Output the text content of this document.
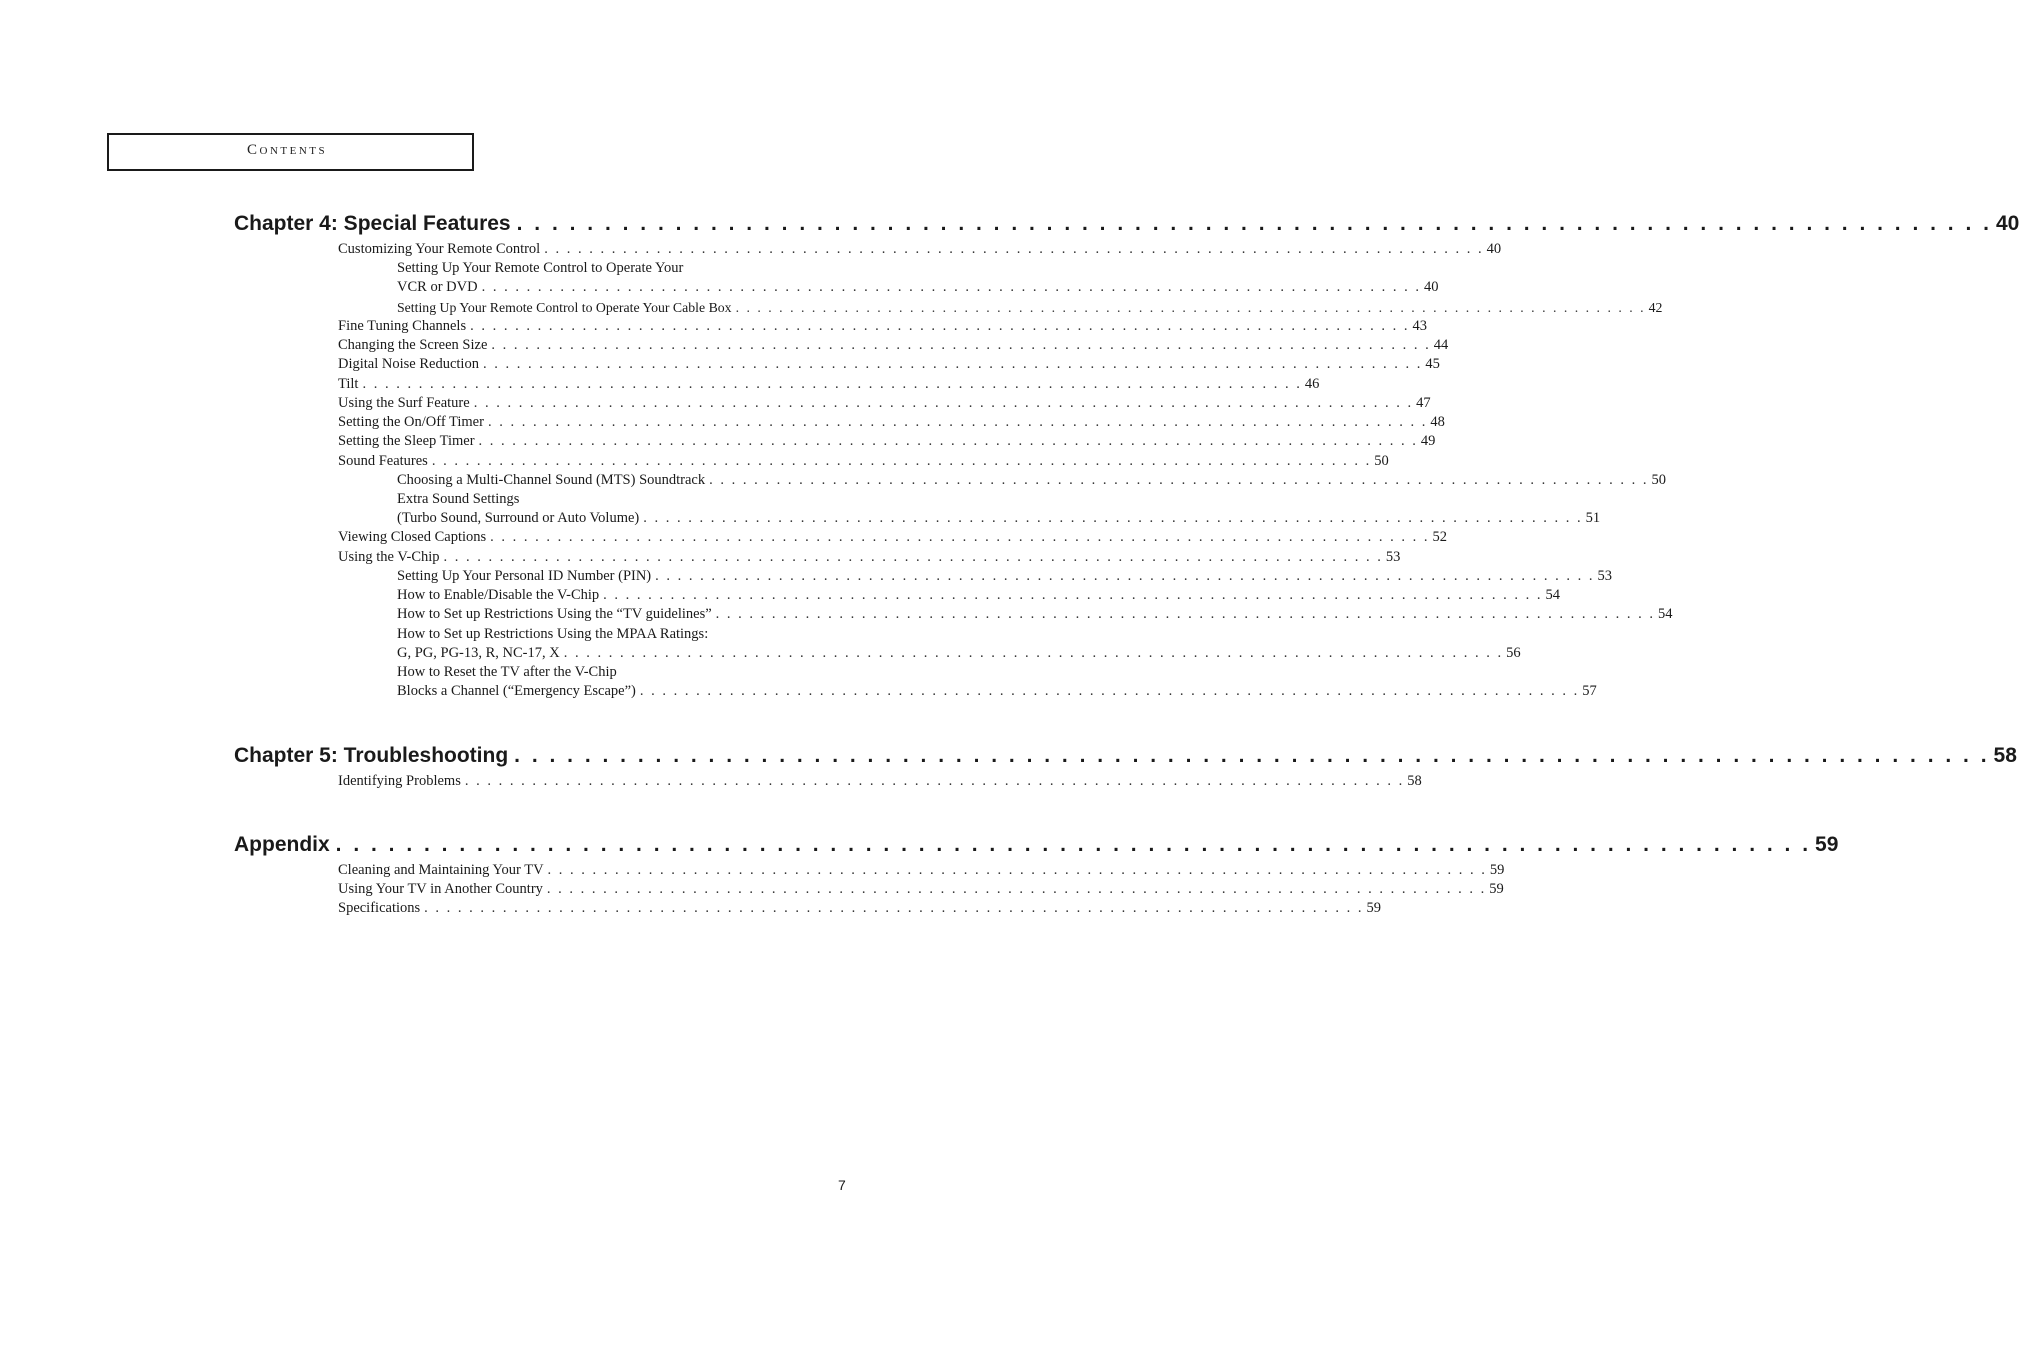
Contents
Chapter 4: Special Features . . . . . . . . . . . . . . . . . . . . . . . . . . . . . . . . . . . . . . . . . . . . . . . . . . . . . . . . . . . . . . . . . . . . . . . . . . . . . . . . . . . . 40
Customizing Your Remote Control . . . . . . . . . . . . . . . . . . . . . . . . . . . . . . . . . . . . . . . . . . . . . . . . . . . . . . . . . . . . . . . . . . . . . . . . . . . . . . . . . . . . 40
Setting Up Your Remote Control to Operate Your
VCR or DVD . . . . . . . . . . . . . . . . . . . . . . . . . . . . . . . . . . . . . . . . . . . . . . . . . . . . . . . . . . . . . . . . . . . . . . . . . . . . . . . . . . . . 40
Setting Up Your Remote Control to Operate Your Cable Box . . . . . . . . . . . . . . . . . . . . . . . . . . . . . . . . . . . . . . . . . . . . . . . . . . . . . . . . . . . . . . . . . . . . . . . . . . . . . . . . . . . . 42
Fine Tuning Channels . . . . . . . . . . . . . . . . . . . . . . . . . . . . . . . . . . . . . . . . . . . . . . . . . . . . . . . . . . . . . . . . . . . . . . . . . . . . . . . . . . . . 43
Changing the Screen Size . . . . . . . . . . . . . . . . . . . . . . . . . . . . . . . . . . . . . . . . . . . . . . . . . . . . . . . . . . . . . . . . . . . . . . . . . . . . . . . . . . . . 44
Digital Noise Reduction . . . . . . . . . . . . . . . . . . . . . . . . . . . . . . . . . . . . . . . . . . . . . . . . . . . . . . . . . . . . . . . . . . . . . . . . . . . . . . . . . . . . 45
Tilt . . . . . . . . . . . . . . . . . . . . . . . . . . . . . . . . . . . . . . . . . . . . . . . . . . . . . . . . . . . . . . . . . . . . . . . . . . . . . . . . . . . . 46
Using the Surf Feature . . . . . . . . . . . . . . . . . . . . . . . . . . . . . . . . . . . . . . . . . . . . . . . . . . . . . . . . . . . . . . . . . . . . . . . . . . . . . . . . . . . . 47
Setting the On/Off Timer . . . . . . . . . . . . . . . . . . . . . . . . . . . . . . . . . . . . . . . . . . . . . . . . . . . . . . . . . . . . . . . . . . . . . . . . . . . . . . . . . . . . 48
Setting the Sleep Timer . . . . . . . . . . . . . . . . . . . . . . . . . . . . . . . . . . . . . . . . . . . . . . . . . . . . . . . . . . . . . . . . . . . . . . . . . . . . . . . . . . . . 49
Sound Features . . . . . . . . . . . . . . . . . . . . . . . . . . . . . . . . . . . . . . . . . . . . . . . . . . . . . . . . . . . . . . . . . . . . . . . . . . . . . . . . . . . . 50
Choosing a Multi-Channel Sound (MTS) Soundtrack . . . . . . . . . . . . . . . . . . . . . . . . . . . . . . . . . . . . . . . . . . . . . . . . . . . . . . . . . . . . . . . . . . . . . . . . . . . . . . . . . . . . 50
Extra Sound Settings
(Turbo Sound, Surround or Auto Volume) . . . . . . . . . . . . . . . . . . . . . . . . . . . . . . . . . . . . . . . . . . . . . . . . . . . . . . . . . . . . . . . . . . . . . . . . . . . . . . . . . . . . 51
Viewing Closed Captions . . . . . . . . . . . . . . . . . . . . . . . . . . . . . . . . . . . . . . . . . . . . . . . . . . . . . . . . . . . . . . . . . . . . . . . . . . . . . . . . . . . . 52
Using the V-Chip . . . . . . . . . . . . . . . . . . . . . . . . . . . . . . . . . . . . . . . . . . . . . . . . . . . . . . . . . . . . . . . . . . . . . . . . . . . . . . . . . . . . 53
Setting Up Your Personal ID Number (PIN) . . . . . . . . . . . . . . . . . . . . . . . . . . . . . . . . . . . . . . . . . . . . . . . . . . . . . . . . . . . . . . . . . . . . . . . . . . . . . . . . . . . . 53
How to Enable/Disable the V-Chip . . . . . . . . . . . . . . . . . . . . . . . . . . . . . . . . . . . . . . . . . . . . . . . . . . . . . . . . . . . . . . . . . . . . . . . . . . . . . . . . . . . . 54
How to Set up Restrictions Using the “TV guidelines” . . . . . . . . . . . . . . . . . . . . . . . . . . . . . . . . . . . . . . . . . . . . . . . . . . . . . . . . . . . . . . . . . . . . . . . . . . . . . . . . . . . . 54
How to Set up Restrictions Using the MPAA Ratings:
G, PG, PG-13, R, NC-17, X . . . . . . . . . . . . . . . . . . . . . . . . . . . . . . . . . . . . . . . . . . . . . . . . . . . . . . . . . . . . . . . . . . . . . . . . . . . . . . . . . . . . 56
How to Reset the TV after the V-Chip
Blocks a Channel (“Emergency Escape”) . . . . . . . . . . . . . . . . . . . . . . . . . . . . . . . . . . . . . . . . . . . . . . . . . . . . . . . . . . . . . . . . . . . . . . . . . . . . . . . . . . . . 57
Chapter 5: Troubleshooting . . . . . . . . . . . . . . . . . . . . . . . . . . . . . . . . . . . . . . . . . . . . . . . . . . . . . . . . . . . . . . . . . . . . . . . . . . . . . . . . . . . . 58
Identifying Problems . . . . . . . . . . . . . . . . . . . . . . . . . . . . . . . . . . . . . . . . . . . . . . . . . . . . . . . . . . . . . . . . . . . . . . . . . . . . . . . . . . . . 58
Appendix . . . . . . . . . . . . . . . . . . . . . . . . . . . . . . . . . . . . . . . . . . . . . . . . . . . . . . . . . . . . . . . . . . . . . . . . . . . . . . . . . . . . 59
Cleaning and Maintaining Your TV . . . . . . . . . . . . . . . . . . . . . . . . . . . . . . . . . . . . . . . . . . . . . . . . . . . . . . . . . . . . . . . . . . . . . . . . . . . . . . . . . . . . 59
Using Your TV in Another Country . . . . . . . . . . . . . . . . . . . . . . . . . . . . . . . . . . . . . . . . . . . . . . . . . . . . . . . . . . . . . . . . . . . . . . . . . . . . . . . . . . . . 59
Specifications . . . . . . . . . . . . . . . . . . . . . . . . . . . . . . . . . . . . . . . . . . . . . . . . . . . . . . . . . . . . . . . . . . . . . . . . . . . . . . . . . . . . 59
7
